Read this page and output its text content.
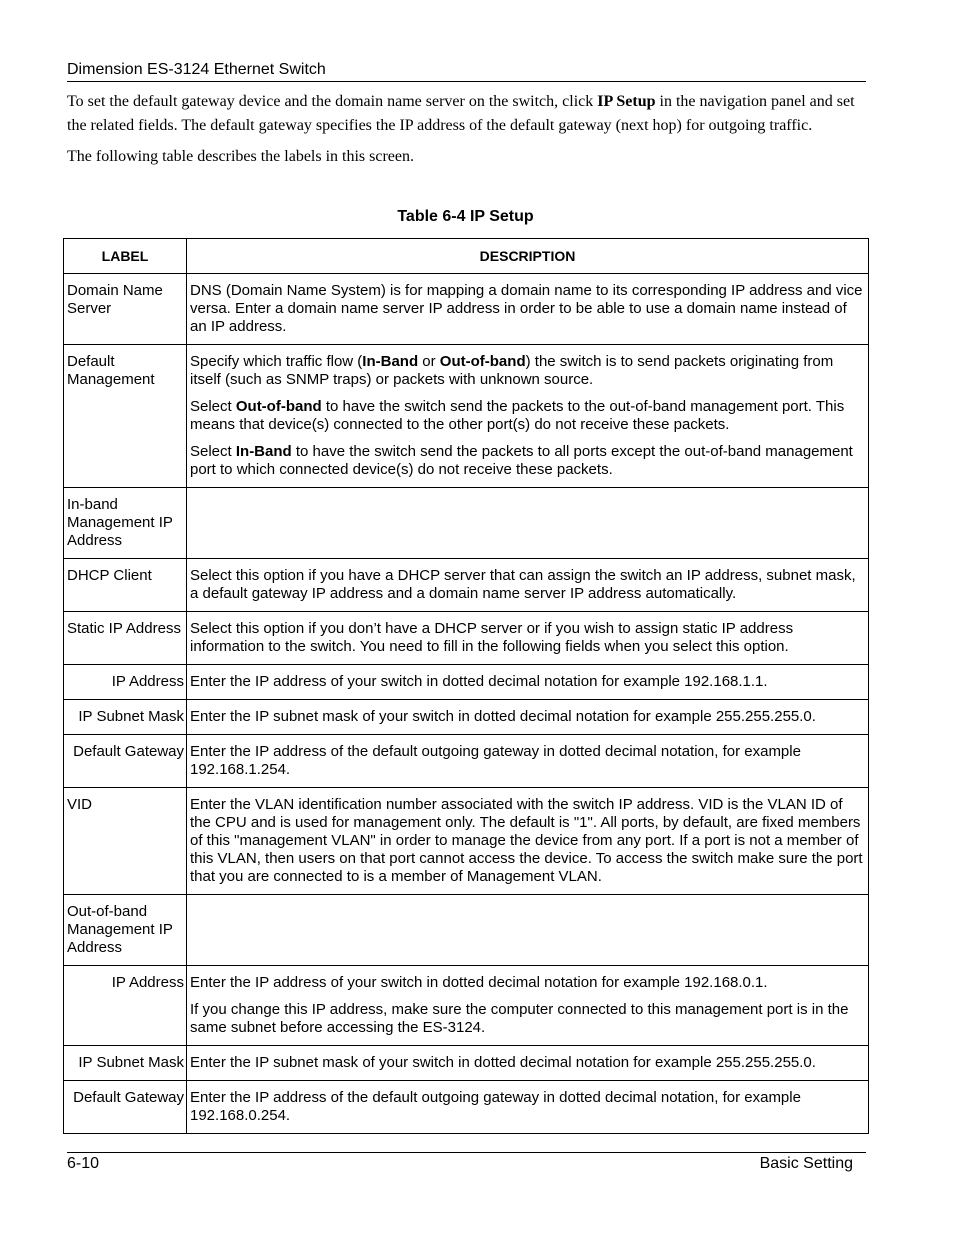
Dimension ES-3124 Ethernet Switch

To set the default gateway device and the domain name server on the switch, click IP Setup in the navigation panel and set the related fields. The default gateway specifies the IP address of the default gateway (next hop) for outgoing traffic.

The following table describes the labels in this screen.

Table 6-4 IP Setup
LABEL	DESCRIPTION
Domain Name Server	DNS (Domain Name System) is for mapping a domain name to its corresponding IP address and vice versa. Enter a domain name server IP address in order to be able to use a domain name instead of an IP address.

Default Management	Specify which traffic flow (In-Band or Out-of-band) the switch is to send packets originating from itself (such as SNMP traps) or packets with unknown source.

Select Out-of-band to have the switch send the packets to the out-of-band management port. This means that device(s) connected to the other port(s) do not receive these packets.

Select In-Band to have the switch send the packets to all ports except the out-of-band management port to which connected device(s) do not receive these packets.

In-band Management IP Address	
DHCP Client	Select this option if you have a DHCP server that can assign the switch an IP address, subnet mask, a default gateway IP address and a domain name server IP address automatically.

Static IP Address	Select this option if you don’t have a DHCP server or if you wish to assign static IP address information to the switch. You need to fill in the following fields when you select this option.

IP Address	Enter the IP address of your switch in dotted decimal notation for example 192.168.1.1.

IP Subnet Mask	Enter the IP subnet mask of your switch in dotted decimal notation for example 255.255.255.0.

Default Gateway	Enter the IP address of the default outgoing gateway in dotted decimal notation, for example 192.168.1.254.

VID	Enter the VLAN identification number associated with the switch IP address. VID is the VLAN ID of the CPU and is used for management only. The default is "1". All ports, by default, are fixed members of this "management VLAN" in order to manage the device from any port. If a port is not a member of this VLAN, then users on that port cannot access the device. To access the switch make sure the port that you are connected to is a member of Management VLAN.

Out-of-band Management IP Address	
IP Address	Enter the IP address of your switch in dotted decimal notation for example 192.168.0.1.

If you change this IP address, make sure the computer connected to this management port is in the same subnet before accessing the ES-3124.

IP Subnet Mask	Enter the IP subnet mask of your switch in dotted decimal notation for example 255.255.255.0.

Default Gateway	Enter the IP address of the default outgoing gateway in dotted decimal notation, for example 192.168.0.254.

6-10	Basic Setting
